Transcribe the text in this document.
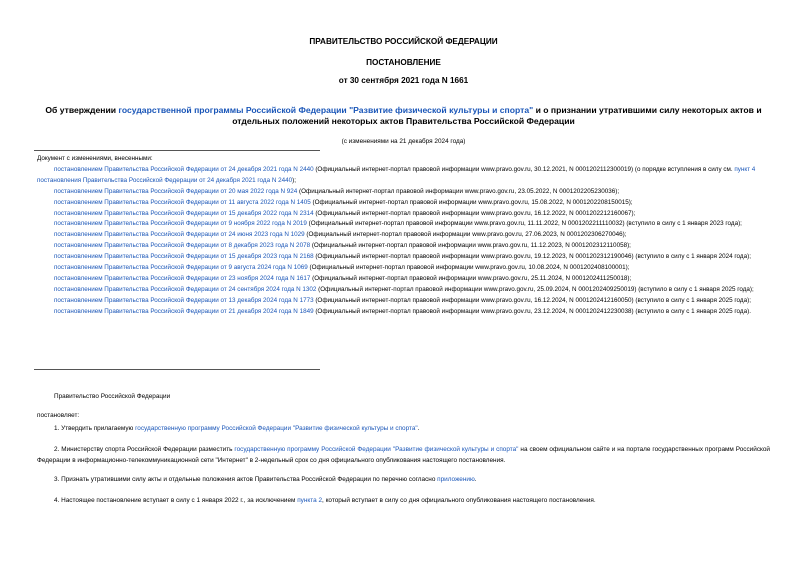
ПРАВИТЕЛЬСТВО РОССИЙСКОЙ ФЕДЕРАЦИИ

ПОСТАНОВЛЕНИЕ

от 30 сентября 2021 года N 1661

Об утверждении государственной программы Российской Федерации "Развитие физической культуры и спорта" и о признании утратившими силу некоторых актов и отдельных положений некоторых актов Правительства Российской Федерации
(с изменениями на 21 декабря 2024 года)

Документ с изменениями, внесенными:

постановлением Правительства Российской Федерации от 24 декабря 2021 года N 2440 (Официальный интернет-портал правовой информации www.pravo.gov.ru, 30.12.2021, N 0001202112300019) (о порядке вступления в силу см. пункт 4 постановления Правительства Российской Федерации от 24 декабря 2021 года N 2440);

постановлением Правительства Российской Федерации от 20 мая 2022 года N 924 (Официальный интернет-портал правовой информации www.pravo.gov.ru, 23.05.2022, N 0001202205230036);

постановлением Правительства Российской Федерации от 11 августа 2022 года N 1405 (Официальный интернет-портал правовой информации www.pravo.gov.ru, 15.08.2022, N 0001202208150015);

постановлением Правительства Российской Федерации от 15 декабря 2022 года N 2314 (Официальный интернет-портал правовой информации www.pravo.gov.ru, 16.12.2022, N 0001202212160067);

постановлением Правительства Российской Федерации от 9 ноября 2022 года N 2019 (Официальный интернет-портал правовой информации www.pravo.gov.ru, 11.11.2022, N 0001202211110032) (вступило в силу с 1 января 2023 года);

постановлением Правительства Российской Федерации от 24 июня 2023 года N 1029 (Официальный интернет-портал правовой информации www.pravo.gov.ru, 27.06.2023, N 0001202306270046);

постановлением Правительства Российской Федерации от 8 декабря 2023 года N 2078 (Официальный интернет-портал правовой информации www.pravo.gov.ru, 11.12.2023, N 0001202312110058);

постановлением Правительства Российской Федерации от 15 декабря 2023 года N 2168 (Официальный интернет-портал правовой информации www.pravo.gov.ru, 19.12.2023, N 0001202312190046) (вступило в силу с 1 января 2024 года);

постановлением Правительства Российской Федерации от 9 августа 2024 года N 1069 (Официальный интернет-портал правовой информации www.pravo.gov.ru, 10.08.2024, N 0001202408100001);

постановлением Правительства Российской Федерации от 23 ноября 2024 года N 1617 (Официальный интернет-портал правовой информации www.pravo.gov.ru, 25.11.2024, N 0001202411250018);

постановлением Правительства Российской Федерации от 24 сентября 2024 года N 1302 (Официальный интернет-портал правовой информации www.pravo.gov.ru, 25.09.2024, N 0001202409250019) (вступило в силу с 1 января 2025 года);

постановлением Правительства Российской Федерации от 13 декабря 2024 года N 1773 (Официальный интернет-портал правовой информации www.pravo.gov.ru, 16.12.2024, N 0001202412160050) (вступило в силу с 1 января 2025 года);

постановлением Правительства Российской Федерации от 21 декабря 2024 года N 1849 (Официальный интернет-портал правовой информации www.pravo.gov.ru, 23.12.2024, N 0001202412230038) (вступило в силу с 1 января 2025 года).

Правительство Российской Федерации
постановляет:

1. Утвердить прилагаемую государственную программу Российской Федерации "Развитие физической культуры и спорта".

2. Министерству спорта Российской Федерации разместить государственную программу Российской Федерации "Развитие физической культуры и спорта" на своем официальном сайте и на портале государственных программ Российской Федерации в информационно-телекоммуникационной сети "Интернет" в 2-недельный срок со дня официального опубликования настоящего постановления.

3. Признать утратившими силу акты и отдельные положения актов Правительства Российской Федерации по перечню согласно приложению.

4. Настоящее постановление вступает в силу с 1 января 2022 г., за исключением пункта 2, который вступает в силу со дня официального опубликования настоящего постановления.
